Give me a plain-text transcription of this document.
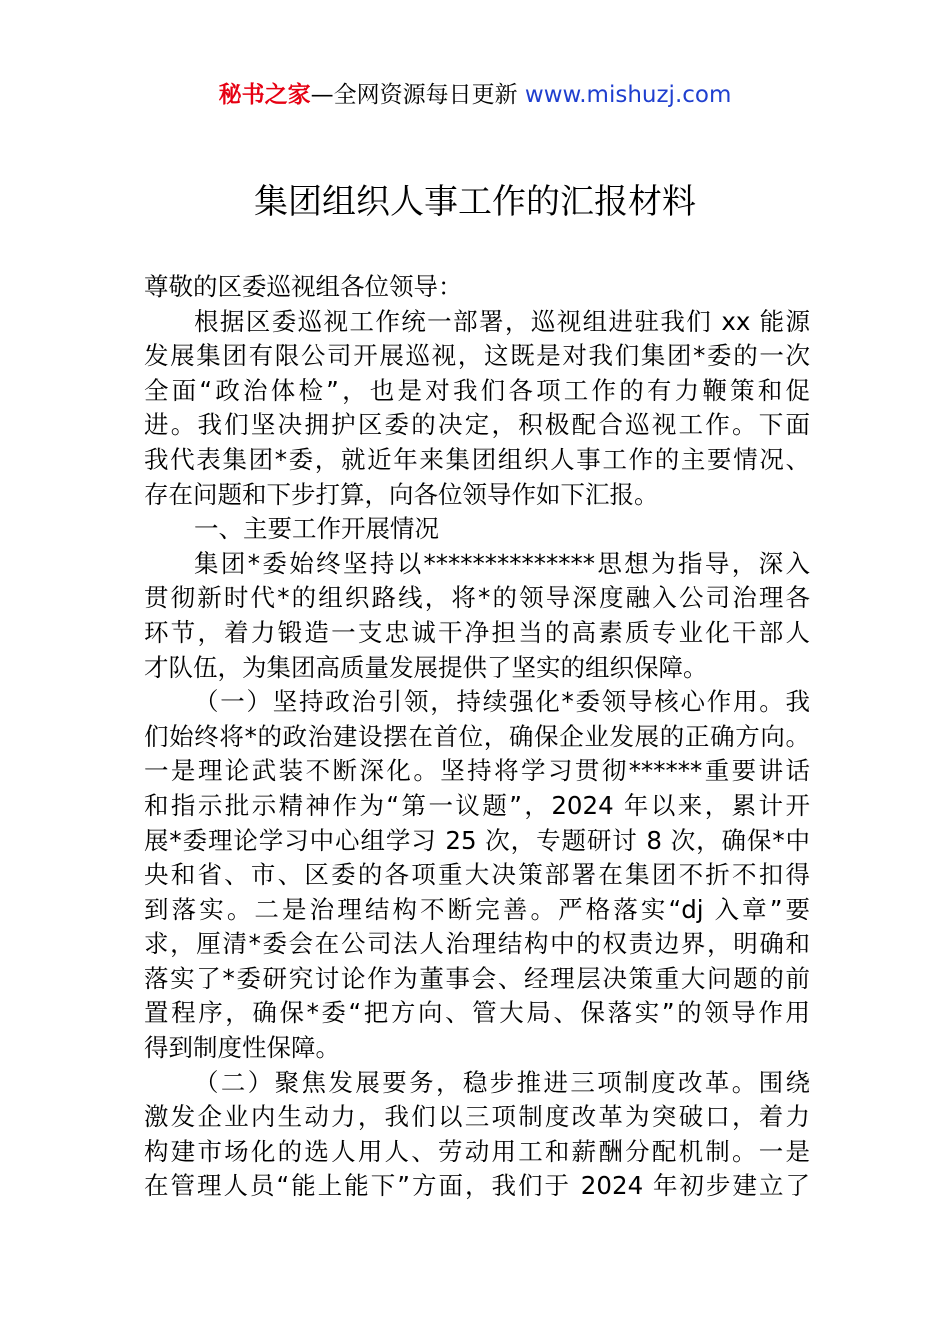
秘书之家—全网资源每日更新 www.mishuzj.com
集团组织人事工作的汇报材料
尊敬的区委巡视组各位领导：
根据区委巡视工作统一部署，巡视组进驻我们 xx 能源
发展集团有限公司开展巡视，这既是对我们集团*委的一次
全面“政治体检”，也是对我们各项工作的有力鞭策和促
进。我们坚决拥护区委的决定，积极配合巡视工作。下面
我代表集团*委，就近年来集团组织人事工作的主要情况、
存在问题和下步打算，向各位领导作如下汇报。
一、主要工作开展情况
集团*委始终坚持以**************思想为指导，深入
贯彻新时代*的组织路线，将*的领导深度融入公司治理各
环节，着力锻造一支忠诚干净担当的高素质专业化干部人
才队伍，为集团高质量发展提供了坚实的组织保障。
（一）坚持政治引领，持续强化*委领导核心作用。我
们始终将*的政治建设摆在首位，确保企业发展的正确方向。
一是理论武装不断深化。坚持将学习贯彻******重要讲话
和指示批示精神作为“第一议题”，2024 年以来，累计开
展*委理论学习中心组学习 25 次，专题研讨 8 次，确保*中
央和省、市、区委的各项重大决策部署在集团不折不扣得
到落实。二是治理结构不断完善。严格落实“dj 入章”要
求，厘清*委会在公司法人治理结构中的权责边界，明确和
落实了*委研究讨论作为董事会、经理层决策重大问题的前
置程序，确保*委“把方向、管大局、保落实”的领导作用
得到制度性保障。
（二）聚焦发展要务，稳步推进三项制度改革。围绕
激发企业内生动力，我们以三项制度改革为突破口，着力
构建市场化的选人用人、劳动用工和薪酬分配机制。一是
在管理人员“能上能下”方面，我们于 2024 年初步建立了
